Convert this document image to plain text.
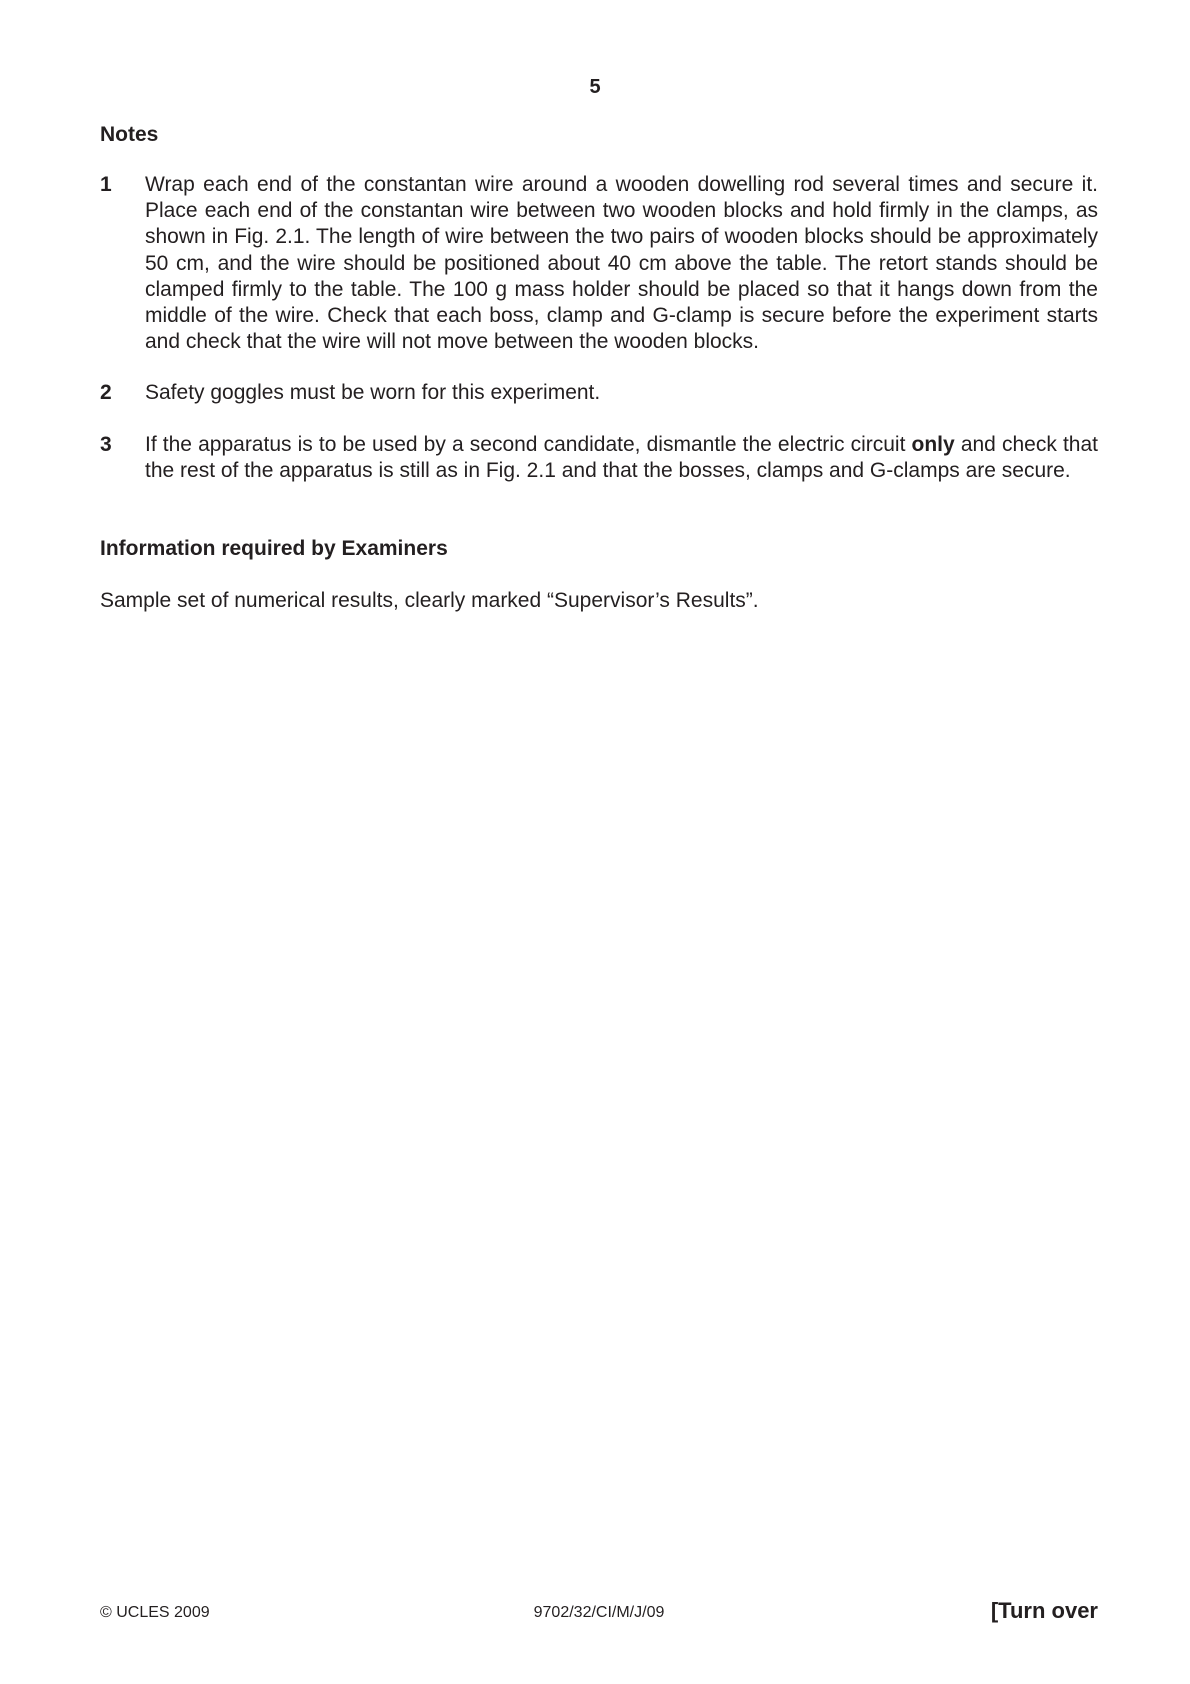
5
Notes
1	Wrap each end of the constantan wire around a wooden dowelling rod several times and secure it. Place each end of the constantan wire between two wooden blocks and hold firmly in the clamps, as shown in Fig. 2.1. The length of wire between the two pairs of wooden blocks should be approximately 50 cm, and the wire should be positioned about 40 cm above the table. The retort stands should be clamped firmly to the table. The 100 g mass holder should be placed so that it hangs down from the middle of the wire. Check that each boss, clamp and G-clamp is secure before the experiment starts and check that the wire will not move between the wooden blocks.
2	Safety goggles must be worn for this experiment.
3	If the apparatus is to be used by a second candidate, dismantle the electric circuit only and check that the rest of the apparatus is still as in Fig. 2.1 and that the bosses, clamps and G-clamps are secure.
Information required by Examiners

Sample set of numerical results, clearly marked “Supervisor’s Results”.

© UCLES 2009	9702/32/CI/M/J/09	[Turn over
